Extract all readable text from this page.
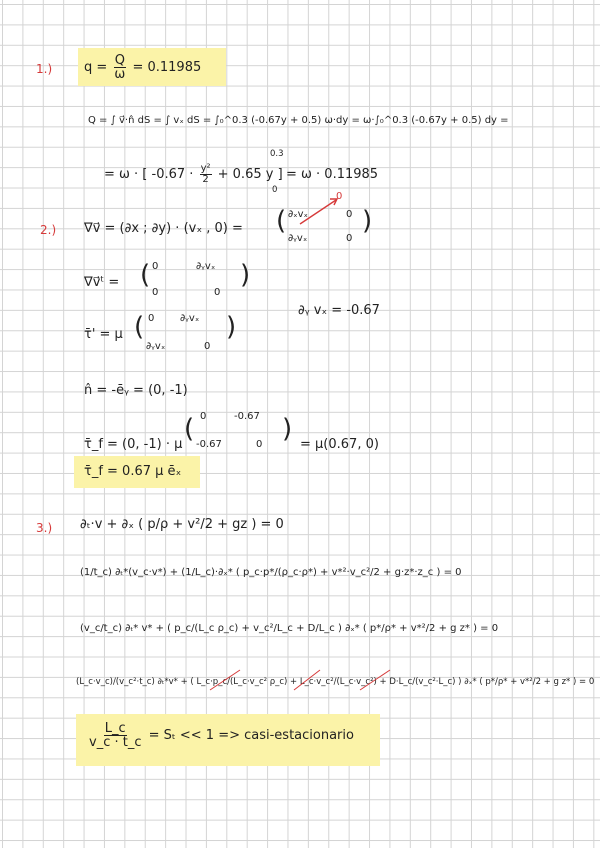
1.) $q = \frac{Q}{\omega} = 0.11985$
Q = ∫ v⃗·n̂ dS = ∫ vₓ dS = ∫₀^0.3 (-0.67y + 0.5) ω·dy = ω·∫₀^0.3 (-0.67y + 0.5) dy =
= ω · [ $-0.67 \cdot \frac{\text{y²}}{2} + 0.65$ y ]
0.3
0
= ω · 0.11985
2.) ∇v⃗ = (∂x ; ∂y) · (vₓ , 0) = ( ∂ₓvₓ	0
∂ᵧvₓ	0
)
0
∇v⃗ᵗ = ( 0	∂ᵧvₓ
0	0
)
τ̄' = μ ( 0	∂ᵧvₓ
∂ᵧvₓ	0
)
∂ᵧ vₓ = -0.67
n̂ = -ēᵧ = (0, -1)
τ̄_f = (0, -1) · μ
( 0	-0.67
-0.67	0
)
= μ(0.67, 0)
τ̄_f = 0.67 μ ēₓ
3.) ∂ₜ·v + ∂ₓ ( p/ρ + v²/2 + gz ) = 0
(1/t_c) ∂ₜ*(v_c·v*) + (1/L_c)·∂ₓ* ( p_c·p*/(ρ_c·ρ*) + v*²·v_c²/2 + g·z*·z_c ) = 0
(v_c/t_c) ∂ₜ* v* + ( p_c/(L_c ρ_c) + v_c²/L_c + D/L_c ) ∂ₓ* ( p*/ρ* + v*²/2 + g z* ) = 0
(L_c·v_c)/(v_c²·t_c) ∂ₜ*v* + ( L_c·p_c/(L_c·v_c² ρ_c) + L_c·v_c²/(L_c·v_c²) + D·L_c/(v_c²·L_c) ) ∂ₓ* ( p*/ρ* + v*²/2 + g z* ) = 0
$\frac{L\_c}{v\_c \cdot t\_c} = S_t << 1$ => casi-estacionario
